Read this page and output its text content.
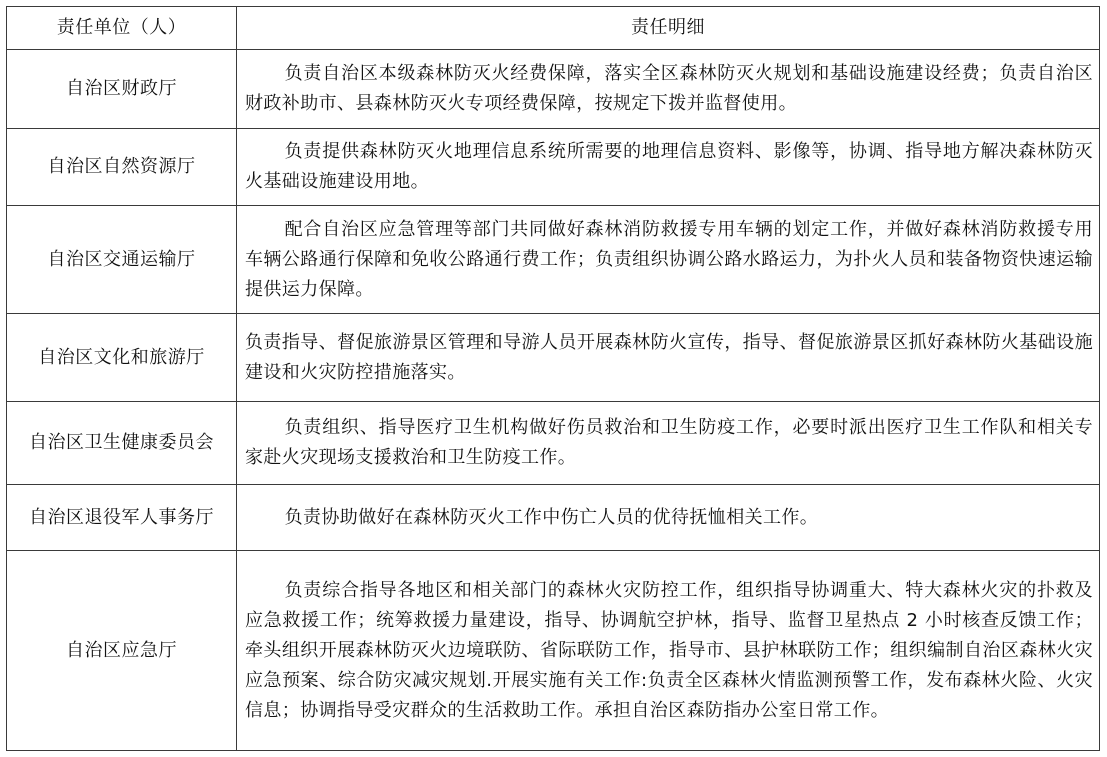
责任单位（人）	责任明细
自治区财政厅	负责自治区本级森林防灭火经费保障，落实全区森林防灭火规划和基础设施建设经费；负责自治区财政补助市、县森林防灭火专项经费保障，按规定下拨并监督使用。

自治区自然资源厅	负责提供森林防灭火地理信息系统所需要的地理信息资料、影像等，协调、指导地方解决森林防灭火基础设施建设用地。

自治区交通运输厅	配合自治区应急管理等部门共同做好森林消防救援专用车辆的划定工作，并做好森林消防救援专用车辆公路通行保障和免收公路通行费工作；负责组织协调公路水路运力，为扑火人员和装备物资快速运输提供运力保障。

自治区文化和旅游厅	负责指导、督促旅游景区管理和导游人员开展森林防火宣传，指导、督促旅游景区抓好森林防火基础设施建设和火灾防控措施落实。

自治区卫生健康委员会	负责组织、指导医疗卫生机构做好伤员救治和卫生防疫工作，必要时派出医疗卫生工作队和相关专家赴火灾现场支援救治和卫生防疫工作。

自治区退役军人事务厅	负责协助做好在森林防灭火工作中伤亡人员的优待抚恤相关工作。

自治区应急厅	负责综合指导各地区和相关部门的森林火灾防控工作，组织指导协调重大、特大森林火灾的扑救及应急救援工作；统筹救援力量建设，指导、协调航空护林，指导、监督卫星热点 2 小时核查反馈工作；牵头组织开展森林防灭火边境联防、省际联防工作，指导市、县护林联防工作；组织编制自治区森林火灾应急预案、综合防灾减灾规划.开展实施有关工作:负责全区森林火情监测预警工作，发布森林火险、火灾信息；协调指导受灾群众的生活救助工作。承担自治区森防指办公室日常工作。
